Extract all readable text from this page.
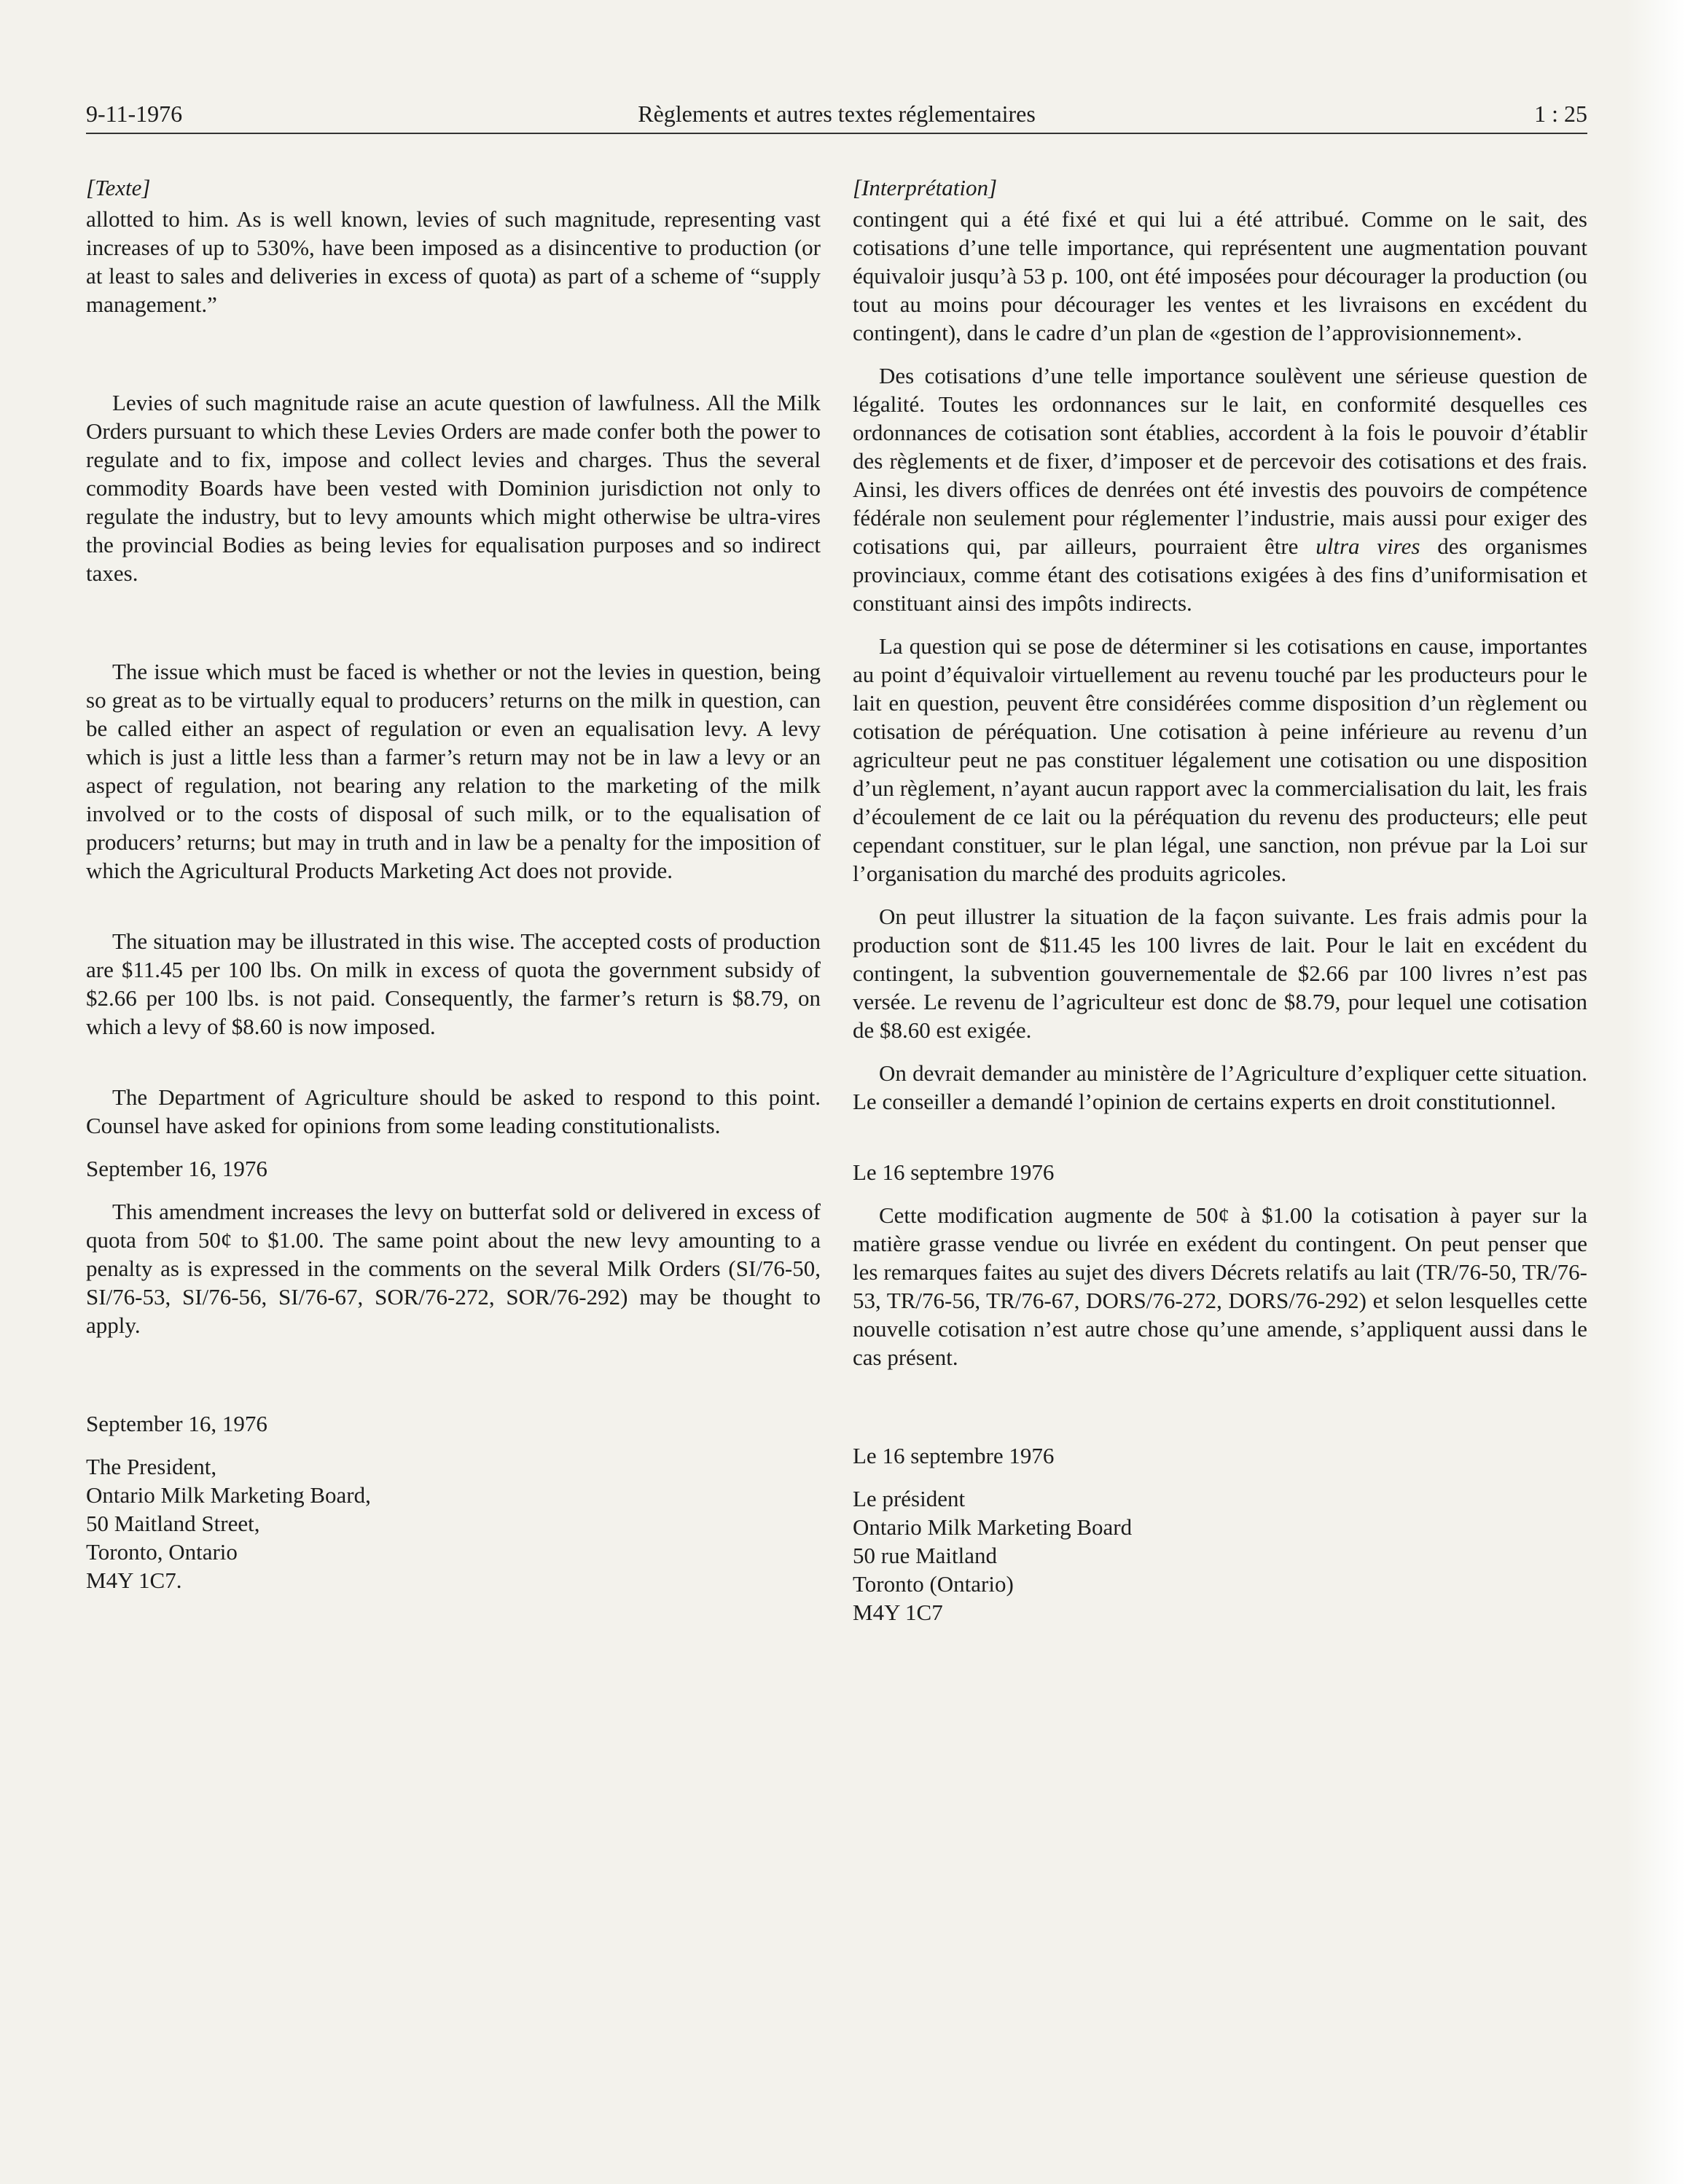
9-11-1976	Règlements et autres textes réglementaires	1 : 25
[Texte]

allotted to him. As is well known, levies of such magnitude, representing vast increases of up to 530%, have been imposed as a disincentive to production (or at least to sales and deliveries in excess of quota) as part of a scheme of “supply management.”

Levies of such magnitude raise an acute question of lawfulness. All the Milk Orders pursuant to which these Levies Orders are made confer both the power to regulate and to fix, impose and collect levies and charges. Thus the several commodity Boards have been vested with Dominion jurisdiction not only to regulate the industry, but to levy amounts which might otherwise be ultra-vires the provincial Bodies as being levies for equalisation purposes and so indirect taxes.

The issue which must be faced is whether or not the levies in question, being so great as to be virtually equal to producers’ returns on the milk in question, can be called either an aspect of regulation or even an equalisation levy. A levy which is just a little less than a farmer’s return may not be in law a levy or an aspect of regulation, not bearing any relation to the marketing of the milk involved or to the costs of disposal of such milk, or to the equalisation of producers’ returns; but may in truth and in law be a penalty for the imposition of which the Agricultural Products Marketing Act does not provide.

The situation may be illustrated in this wise. The accepted costs of production are $11.45 per 100 lbs. On milk in excess of quota the government subsidy of $2.66 per 100 lbs. is not paid. Consequently, the farmer’s return is $8.79, on which a levy of $8.60 is now imposed.

The Department of Agriculture should be asked to respond to this point. Counsel have asked for opinions from some leading constitutionalists.

September 16, 1976

This amendment increases the levy on butterfat sold or delivered in excess of quota from 50¢ to $1.00. The same point about the new levy amounting to a penalty as is expressed in the comments on the several Milk Orders (SI/76-50, SI/76-53, SI/76-56, SI/76-67, SOR/76-272, SOR/76-292) may be thought to apply.

September 16, 1976

The President,

Ontario Milk Marketing Board,

50 Maitland Street,

Toronto, Ontario

M4Y 1C7.

[Interprétation]

contingent qui a été fixé et qui lui a été attribué. Comme on le sait, des cotisations d’une telle importance, qui représentent une augmentation pouvant équivaloir jusqu’à 53 p. 100, ont été imposées pour décourager la production (ou tout au moins pour décourager les ventes et les livraisons en excédent du contingent), dans le cadre d’un plan de «gestion de l’approvisionnement».

Des cotisations d’une telle importance soulèvent une sérieuse question de légalité. Toutes les ordonnances sur le lait, en conformité desquelles ces ordonnances de cotisation sont établies, accordent à la fois le pouvoir d’établir des règlements et de fixer, d’imposer et de percevoir des cotisations et des frais. Ainsi, les divers offices de denrées ont été investis des pouvoirs de compétence fédérale non seulement pour réglementer l’industrie, mais aussi pour exiger des cotisations qui, par ailleurs, pourraient être ultra vires des organismes provinciaux, comme étant des cotisations exigées à des fins d’uniformisation et constituant ainsi des impôts indirects.

La question qui se pose de déterminer si les cotisations en cause, importantes au point d’équivaloir virtuellement au revenu touché par les producteurs pour le lait en question, peuvent être considérées comme disposition d’un règlement ou cotisation de péréquation. Une cotisation à peine inférieure au revenu d’un agriculteur peut ne pas constituer légalement une cotisation ou une disposition d’un règlement, n’ayant aucun rapport avec la commercialisation du lait, les frais d’écoulement de ce lait ou la péréquation du revenu des producteurs; elle peut cependant constituer, sur le plan légal, une sanction, non prévue par la Loi sur l’organisation du marché des produits agricoles.

On peut illustrer la situation de la façon suivante. Les frais admis pour la production sont de $11.45 les 100 livres de lait. Pour le lait en excédent du contingent, la subvention gouvernementale de $2.66 par 100 livres n’est pas versée. Le revenu de l’agriculteur est donc de $8.79, pour lequel une cotisation de $8.60 est exigée.

On devrait demander au ministère de l’Agriculture d’expliquer cette situation. Le conseiller a demandé l’opinion de certains experts en droit constitutionnel.

Le 16 septembre 1976

Cette modification augmente de 50¢ à $1.00 la cotisation à payer sur la matière grasse vendue ou livrée en exédent du contingent. On peut penser que les remarques faites au sujet des divers Décrets relatifs au lait (TR/76-50, TR/76-53, TR/76-56, TR/76-67, DORS/76-272, DORS/76-292) et selon lesquelles cette nouvelle cotisation n’est autre chose qu’une amende, s’appliquent aussi dans le cas présent.

Le 16 septembre 1976

Le président

Ontario Milk Marketing Board

50 rue Maitland

Toronto (Ontario)

M4Y 1C7
